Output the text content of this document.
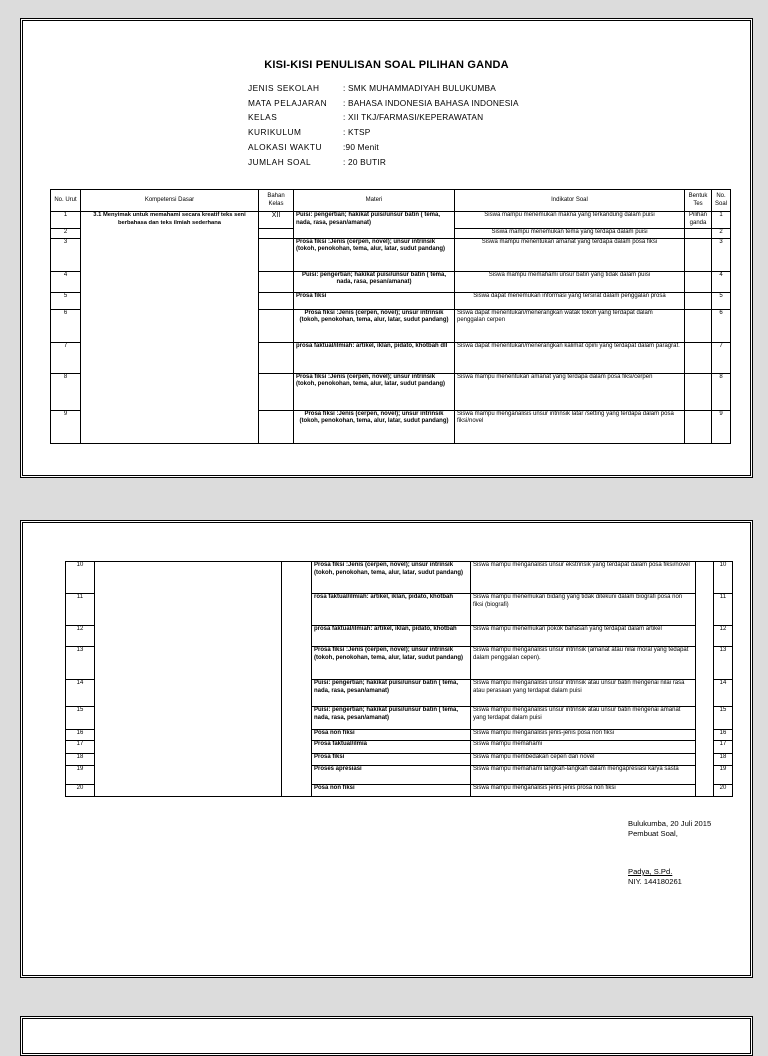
KISI-KISI PENULISAN SOAL PILIHAN GANDA
JENIS SEKOLAH	: SMK MUHAMMADIYAH BULUKUMBA
MATA PELAJARAN	: BAHASA INDONESIA BAHASA INDONESIA
KELAS	: XII TKJ/FARMASI/KEPERAWATAN
KURIKULUM	: KTSP
ALOKASI WAKTU	:90 Menit
JUMLAH SOAL	: 20 BUTIR
No. Urut	Kompetensi Dasar	Bahan Kelas	Materi	Indikator Soal	Bentuk Tes	No. Soal
1	3.1 Menyimak untuk memahami secara kreatif teks seni berbahasa dan teks ilmiah sederhana	XII	Puisi: pengertian; hakikat puisi/unsur batin ( tema, nada, rasa, pesan/amanat)	Siswa mampu menemukan makna yang terkandung dalam puisi	Pilihan ganda	1
2				Siswa mampu menemukan tema yang terdapa dalam puisi		2
3			Prosa fiksi :Jenis (cerpen, novel); unsur intrinsik (tokoh, penokohan, tema, alur, latar, sudut pandang)	Siswa mampu menentukan amanat yang terdapa dalam posa fiksi		3
4			Puisi: pengertian; hakikat puisi/unsur batin ( tema, nada, rasa, pesan/amanat)	Siswa mampu memahami unsur batin yang tidak dalam puisi		4
5			Prosa fiksi	Siswa dapat menemukan informasi yang tersirat dalam penggalan prosa		5
6			Prosa fiksi :Jenis (cerpen, novel); unsur intrinsik (tokoh, penokohan, tema, alur, latar, sudut pandang)	Siswa dapat menentukan/menerangkan watak tokoh yang terdapat dalam penggalan cerpen		6
7			prosa faktual/ilmiah: artikel, iklan, pidato, khotbah dll	Siswa dapat menentukan/menerangkan kalimat opini yang terdapat dalam paragraf.		7
8			Prosa fiksi :Jenis (cerpen, novel); unsur intrinsik (tokoh, penokohan, tema, alur, latar, sudut pandang)	Siswa mampu menentukan amanat yang terdapa dalam posa fiksi/cerpen		8
9			Prosa fiksi :Jenis (cerpen, novel); unsur intrinsik (tokoh, penokohan, tema, alur, latar, sudut pandang)	Siswa mampu menganalisis unsur intrinsik latar /setting yang terdapa dalam posa fiksi/novel		9
10			Prosa fiksi :Jenis (cerpen, novel); unsur intrinsik (tokoh, penokohan, tema, alur, latar, sudut pandang)	Siswa mampu menganalisis unsur ekstrinsik yang terdapat dalam posa fiksi/novel		10
11			rosa faktual/ilmiah: artikel, iklan, pidato, khotbah	Siswa mampu menemukan bidang yang tidak ditekuni dalam biografi posa non fiksi (biografi)		11
12			prosa faktual/ilmiah: artikel, iklan, pidato, khotbah	Siswa mampu menemukan pokok bahasan yang terdapat dalam artikel		12
13			Prosa fiksi :Jenis (cerpen, novel); unsur intrinsik (tokoh, penokohan, tema, alur, latar, sudut pandang)	Siswa mampu menganalisis unsur intrinsik (amanat atau nilai moral yang tedapat dalam penggalan cepen).		13
14			Puisi: pengertian; hakikat puisi/unsur batin ( tema, nada, rasa, pesan/amanat)	Siswa mampu menganalisis unsur intrinsik atau unsur batin mengenai nilai rasa atau perasaan yang terdapat dalam puisi		14
15			Puisi: pengertian; hakikat puisi/unsur batin ( tema, nada, rasa, pesan/amanat)	Siswa mampu menganalisis unsur intrinsik atau unsur batin mengenai amanat yang terdapat dalam puisi		15
16			Posa non fiksi	Siswa mampu menganalisis jenis-jenis posa non fiksi		16
17			Prosa faktual/ilmia	Siswa mampu memahami		17
18			Prosa fiksi	Siswa mampu membedakan cepen dan novel		18
19			Proses apresiasi	Siswa mampu memahami langkah-langkah dalam mengapresiasi karya sasta		19
20			Posa non fiksi	Siswa mampu menganalisis jenis jenis prosa non fiksi		20
Bulukumba, 20 Juli 2015
Pembuat Soal,
Padya, S.Pd.
NIY. 144180261
